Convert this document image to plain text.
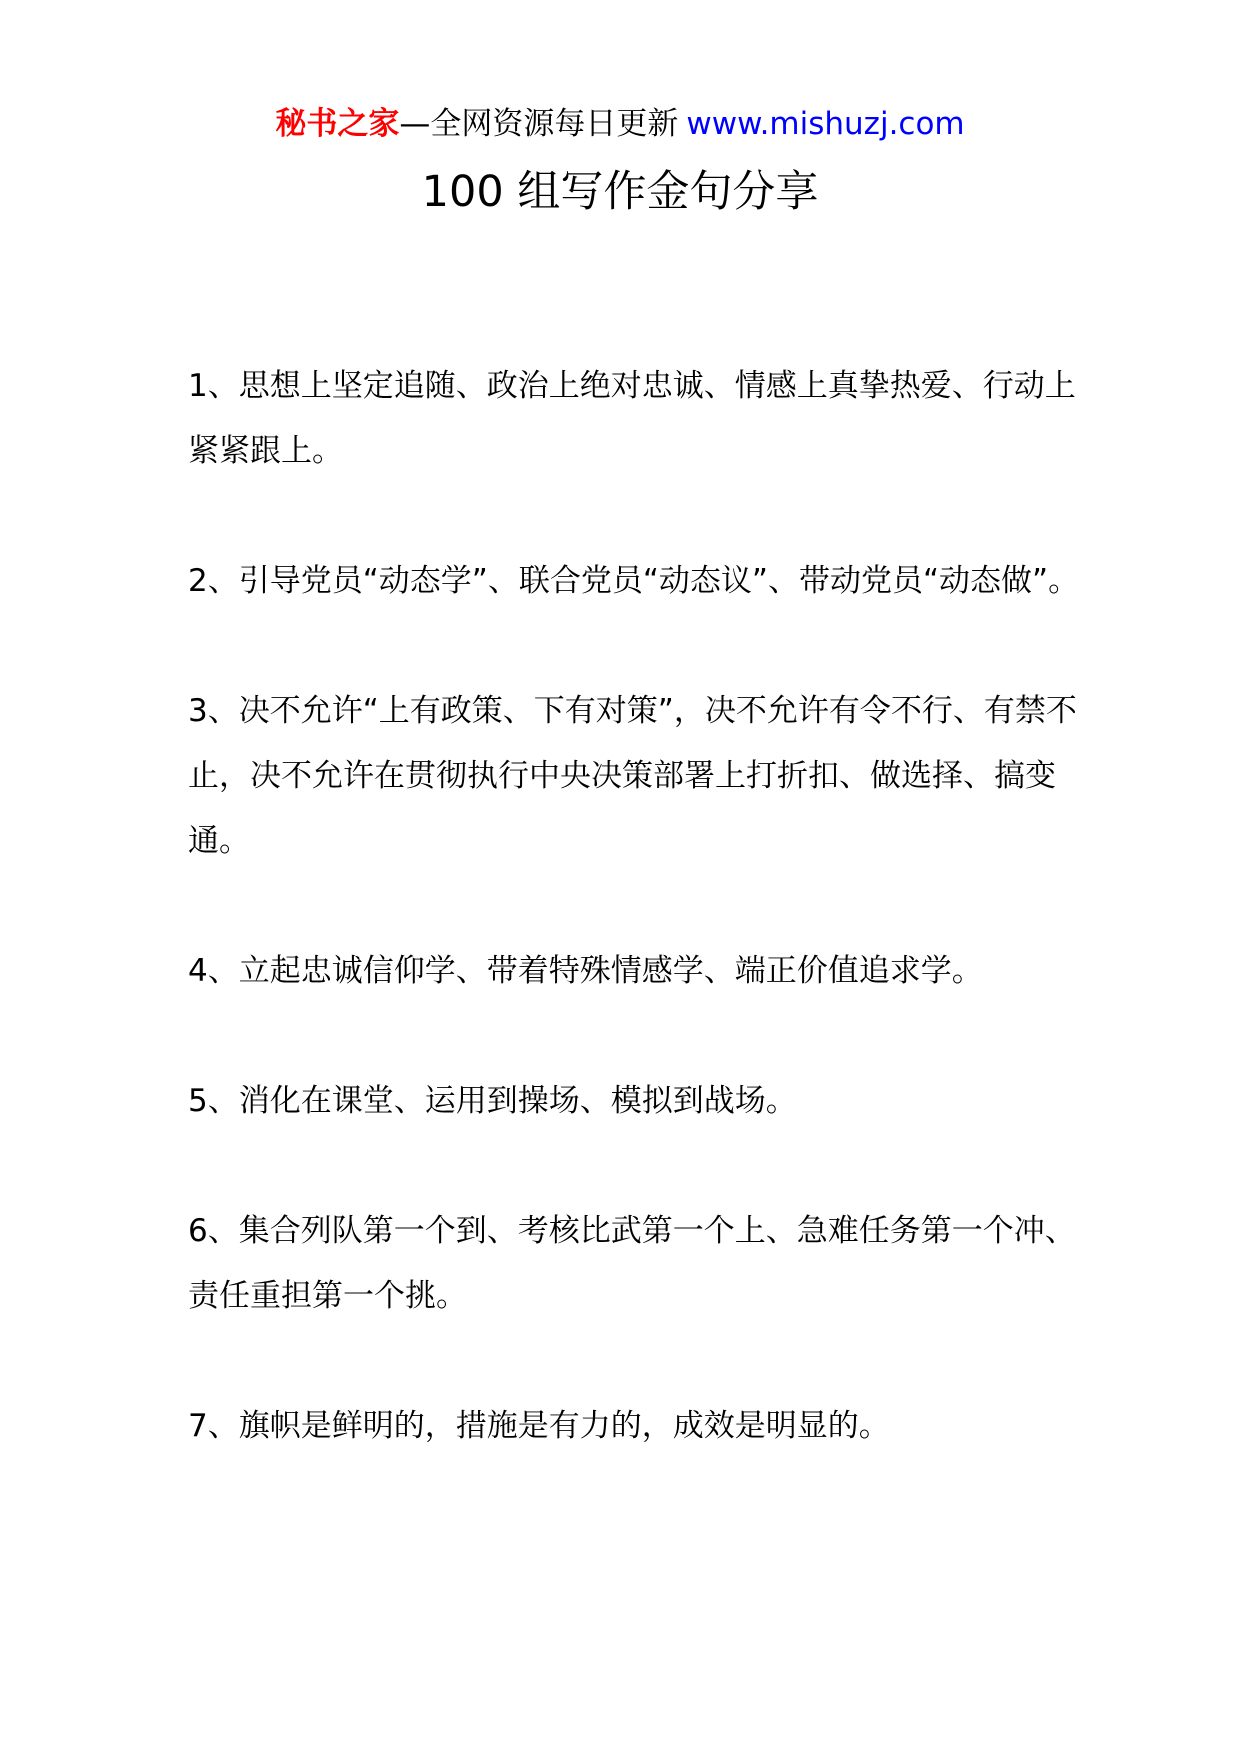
秘书之家—全网资源每日更新 www.mishuzj.com
100 组写作金句分享

1、思想上坚定追随、政治上绝对忠诚、情感上真挚热爱、行动上紧紧跟上。

2、引导党员“动态学”、联合党员“动态议”、带动党员“动态做”。

3、决不允许“上有政策、下有对策”，决不允许有令不行、有禁不止，决不允许在贯彻执行中央决策部署上打折扣、做选择、搞变通。

4、立起忠诚信仰学、带着特殊情感学、端正价值追求学。

5、消化在课堂、运用到操场、模拟到战场。

6、集合列队第一个到、考核比武第一个上、急难任务第一个冲、责任重担第一个挑。

7、旗帜是鲜明的，措施是有力的，成效是明显的。
